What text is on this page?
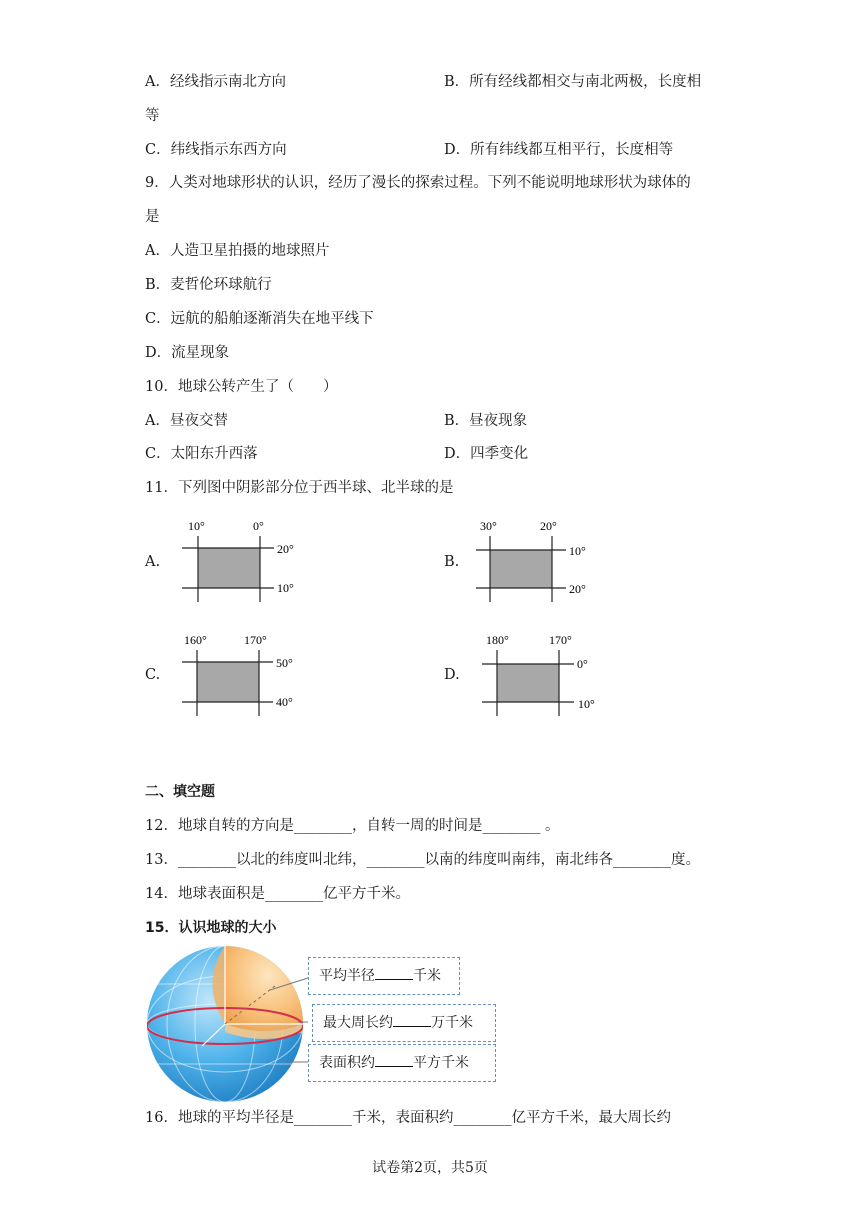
A．经线指示南北方向	B．所有经线都相交与南北两极，长度相
等
C．纬线指示东西方向	D．所有纬线都互相平行，长度相等
9．人类对地球形状的认识，经历了漫长的探索过程。下列不能说明地球形状为球体的
是
A．人造卫星拍摄的地球照片
B．麦哲伦环球航行
C．远航的船舶逐渐消失在地平线下
D．流星现象
10．地球公转产生了（　　）
A．昼夜交替	B．昼夜现象
C．太阳东升西落	D．四季变化
11．下列图中阴影部分位于西半球、北半球的是
A.
10°	0°
20°
10°
B.
30°	20°
10°
20°
C.
160°	170°
50°
40°
D.
180°	170°
0°
10°
二、填空题
12．地球自转的方向是________，自转一周的时间是________ 。
13．________以北的纬度叫北纬，________以南的纬度叫南纬，南北纬各________度。
14．地球表面积是________亿平方千米。
15．认识地球的大小
平均半径	千米
最大周长约	万千米
表面积约	平方千米
16．地球的平均半径是________千米，表面积约________亿平方千米，最大周长约
试卷第2页，共5页
